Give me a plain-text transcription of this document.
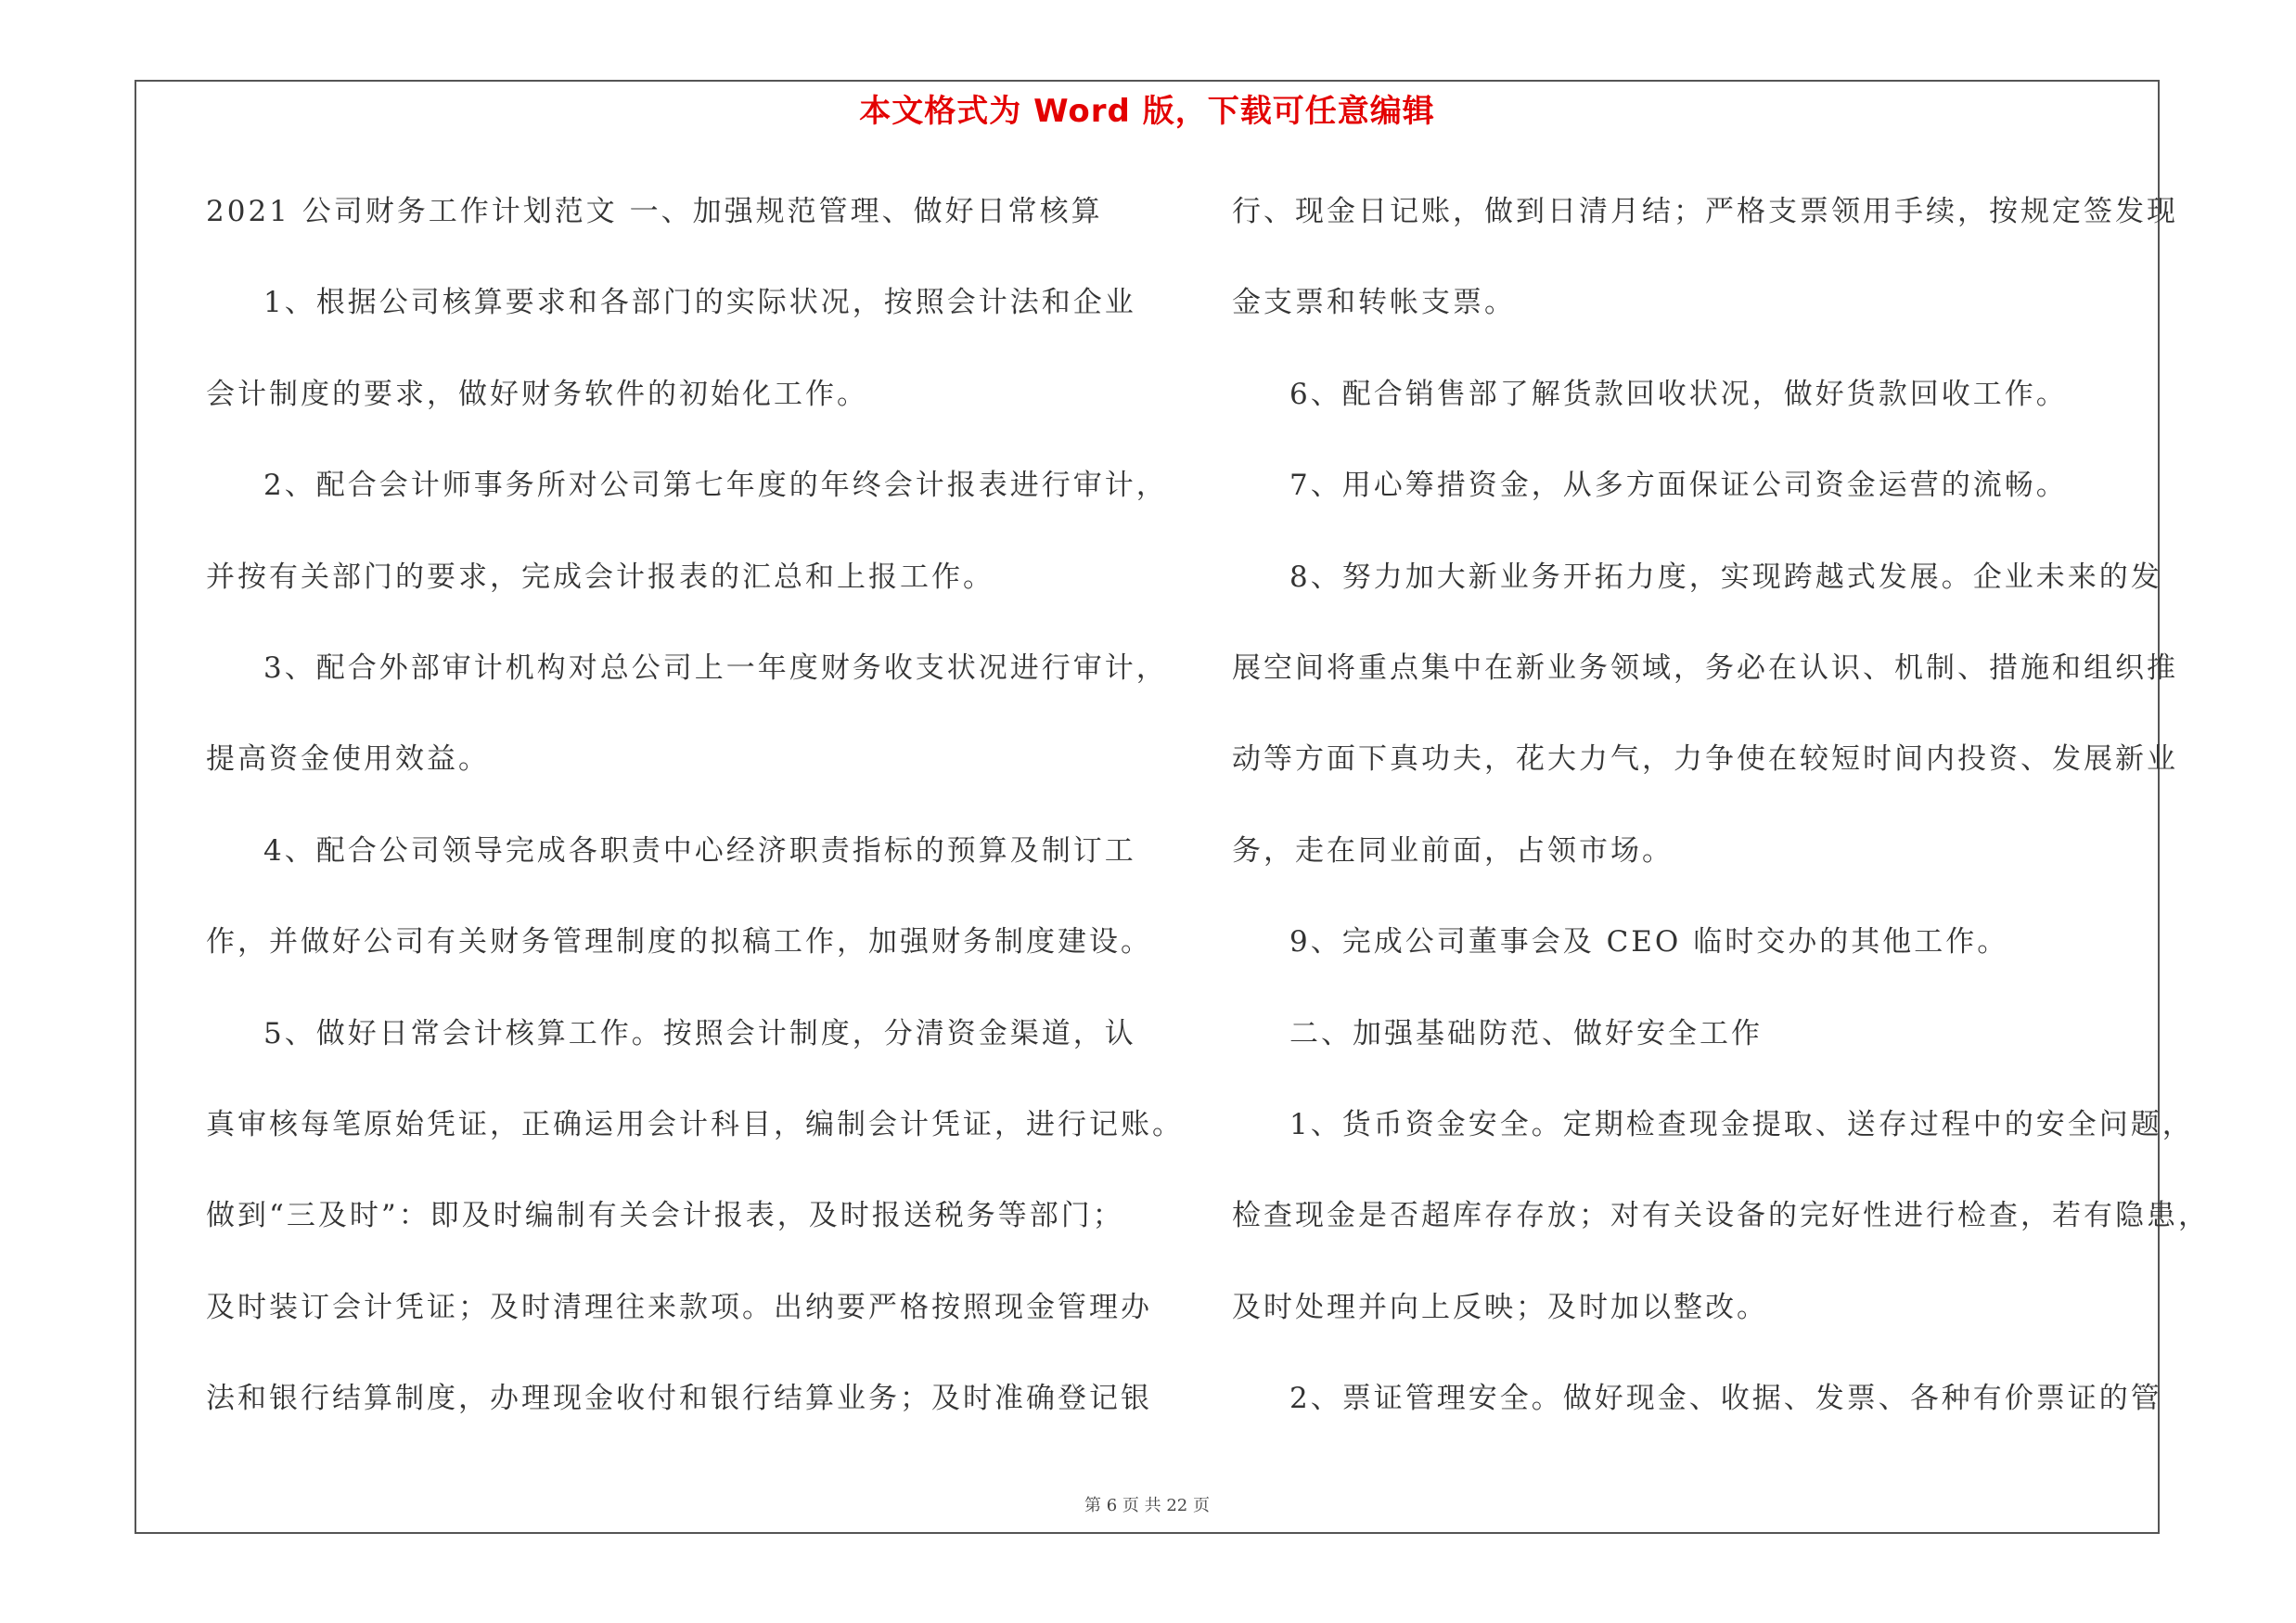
本文格式为 Word 版，下载可任意编辑
2021 公司财务工作计划范文 一、加强规范管理、做好日常核算
1、根据公司核算要求和各部门的实际状况，按照会计法和企业
会计制度的要求，做好财务软件的初始化工作。
2、配合会计师事务所对公司第七年度的年终会计报表进行审计，
并按有关部门的要求，完成会计报表的汇总和上报工作。
3、配合外部审计机构对总公司上一年度财务收支状况进行审计，
提高资金使用效益。
4、配合公司领导完成各职责中心经济职责指标的预算及制订工
作，并做好公司有关财务管理制度的拟稿工作，加强财务制度建设。
5、做好日常会计核算工作。按照会计制度，分清资金渠道，认
真审核每笔原始凭证，正确运用会计科目，编制会计凭证，进行记账。
做到“三及时”：即及时编制有关会计报表，及时报送税务等部门；
及时装订会计凭证；及时清理往来款项。出纳要严格按照现金管理办
法和银行结算制度，办理现金收付和银行结算业务；及时准确登记银
行、现金日记账，做到日清月结；严格支票领用手续，按规定签发现
金支票和转帐支票。
6、配合销售部了解货款回收状况，做好货款回收工作。
7、用心筹措资金，从多方面保证公司资金运营的流畅。
8、努力加大新业务开拓力度，实现跨越式发展。企业未来的发
展空间将重点集中在新业务领域，务必在认识、机制、措施和组织推
动等方面下真功夫，花大力气，力争使在较短时间内投资、发展新业
务，走在同业前面，占领市场。
9、完成公司董事会及 CEO 临时交办的其他工作。
二、加强基础防范、做好安全工作
1、货币资金安全。定期检查现金提取、送存过程中的安全问题，
检查现金是否超库存存放；对有关设备的完好性进行检查，若有隐患，
及时处理并向上反映；及时加以整改。
2、票证管理安全。做好现金、收据、发票、各种有价票证的管
第 6 页 共 22 页
